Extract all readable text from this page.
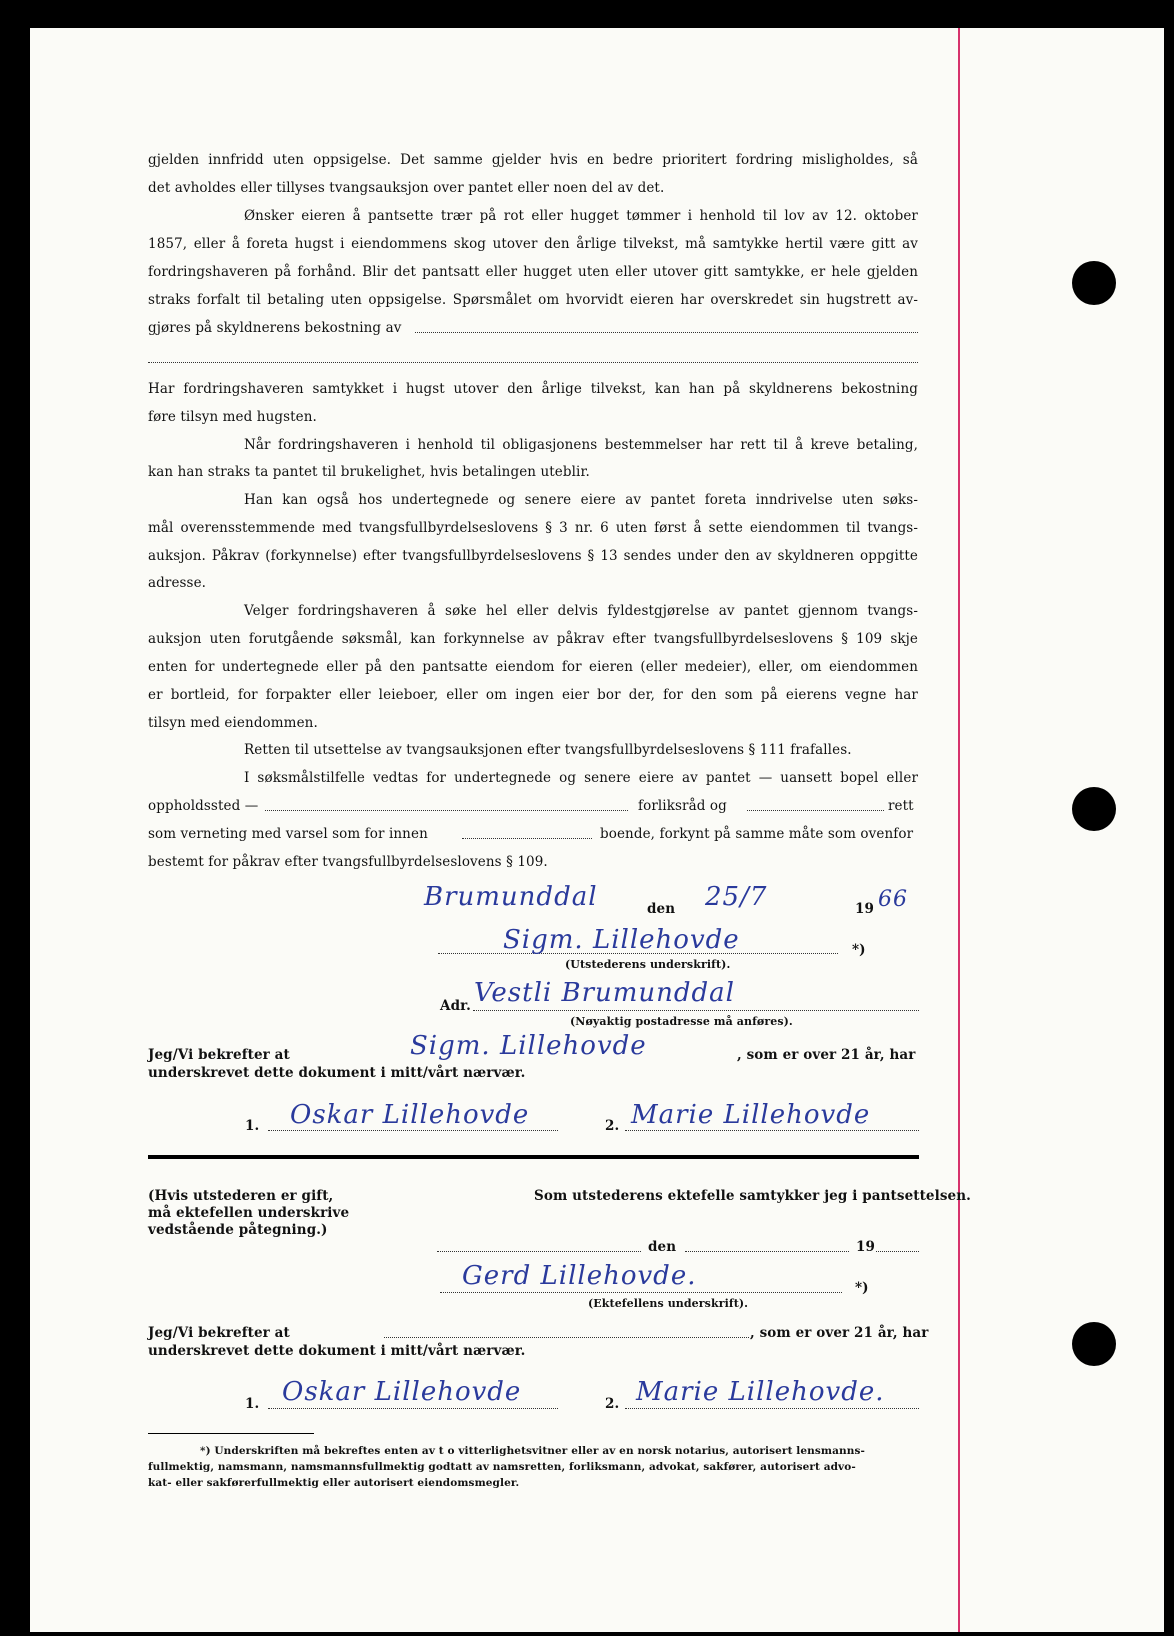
gjelden innfridd uten oppsigelse. Det samme gjelder hvis en bedre prioritert fordring misligholdes, så
det avholdes eller tillyses tvangsauksjon over pantet eller noen del av det.
Ønsker eieren å pantsette trær på rot eller hugget tømmer i henhold til lov av 12. oktober
1857, eller å foreta hugst i eiendommens skog utover den årlige tilvekst, må samtykke hertil være gitt av
fordringshaveren på forhånd. Blir det pantsatt eller hugget uten eller utover gitt samtykke, er hele gjelden
straks forfalt til betaling uten oppsigelse. Spørsmålet om hvorvidt eieren har overskredet sin hugstrett av-
gjøres på skyldnerens bekostning av
Har fordringshaveren samtykket i hugst utover den årlige tilvekst, kan han på skyldnerens bekostning
føre tilsyn med hugsten.
Når fordringshaveren i henhold til obligasjonens bestemmelser har rett til å kreve betaling,
kan han straks ta pantet til brukelighet, hvis betalingen uteblir.
Han kan også hos undertegnede og senere eiere av pantet foreta inndrivelse uten søks-
mål overensstemmende med tvangsfullbyrdelseslovens § 3 nr. 6 uten først å sette eiendommen til tvangs-
auksjon. Påkrav (forkynnelse) efter tvangsfullbyrdelseslovens § 13 sendes under den av skyldneren oppgitte
adresse.
Velger fordringshaveren å søke hel eller delvis fyldestgjørelse av pantet gjennom tvangs-
auksjon uten forutgående søksmål, kan forkynnelse av påkrav efter tvangsfullbyrdelseslovens § 109 skje
enten for undertegnede eller på den pantsatte eiendom for eieren (eller medeier), eller, om eiendommen
er bortleid, for forpakter eller leieboer, eller om ingen eier bor der, for den som på eierens vegne har
tilsyn med eiendommen.
Retten til utsettelse av tvangsauksjonen efter tvangsfullbyrdelseslovens § 111 frafalles.
I søksmålstilfelle vedtas for undertegnede og senere eiere av pantet — uansett bopel eller
oppholdssted —	forliksråd og	rett
som verneting med varsel som for innen	boende, forkynt på samme måte som ovenfor
bestemt for påkrav efter tvangsfullbyrdelseslovens § 109.
Brumunddal	den 25/7	19 66
Sigm. Lillehovde	*)
(Utstederens underskrift).
Adr. Vestli Brumunddal
(Nøyaktig postadresse må anføres).
Jeg/Vi bekrefter at	Sigm. Lillehovde	, som er over 21 år, har
underskrevet dette dokument i mitt/vårt nærvær.
1. Oskar Lillehovde	2. Marie Lillehovde
(Hvis utstederen er gift,
må ektefellen underskrive
vedstående påtegning.)
Som utstederens ektefelle samtykker jeg i pantsettelsen.
den	19
Gerd Lillehovde.	*)
(Ektefellens underskrift).
Jeg/Vi bekrefter at	, som er over 21 år, har
underskrevet dette dokument i mitt/vårt nærvær.
1. Oskar Lillehovde	2. Marie Lillehovde.
*) Underskriften må bekreftes enten av t o vitterlighetsvitner eller av en norsk notarius, autorisert lensmanns-
fullmektig, namsmann, namsmannsfullmektig godtatt av namsretten, forliksmann, advokat, sakfører, autorisert advo-
kat- eller sakførerfullmektig eller autorisert eiendomsmegler.
